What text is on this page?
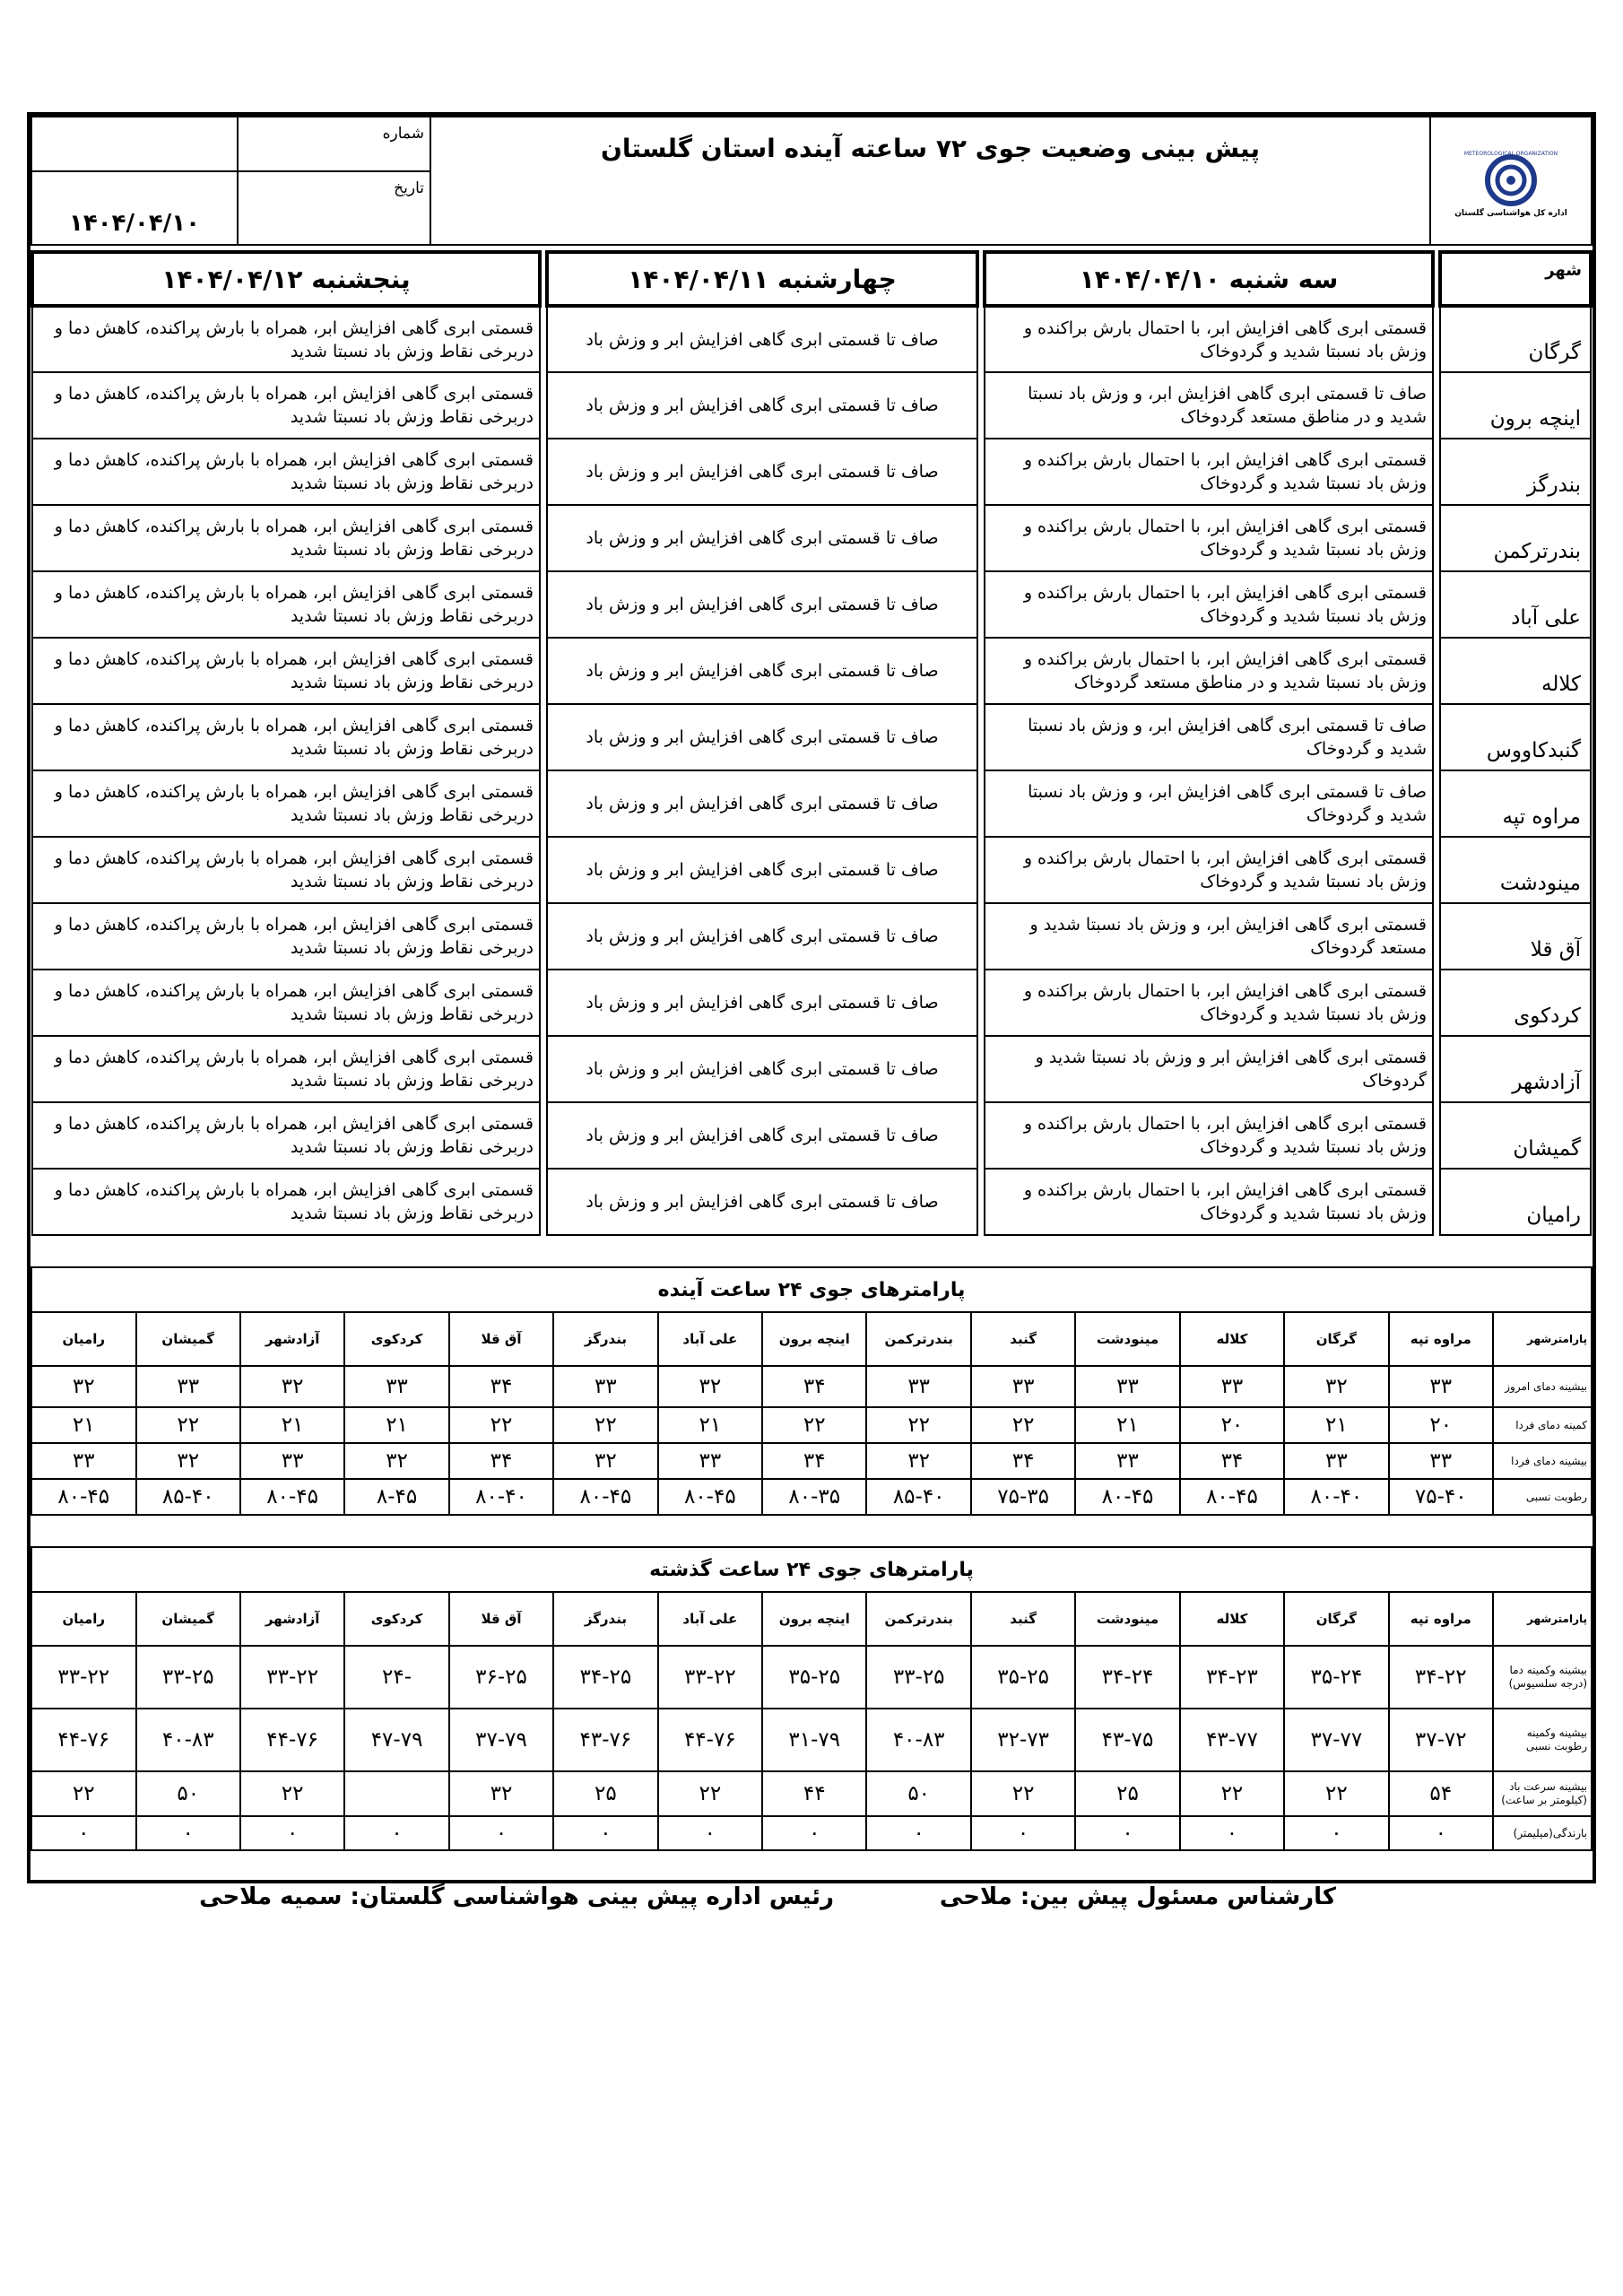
METEOROLOGICAL ORGANIZATION
اداره کل هواشناسی گلستان	پیش بینی وضعیت جوی ۷۲ ساعته آینده استان گلستان	شماره	
		تاریخ	۱۴۰۴/۰۴/۱۰
شهر		سه شنبه ۱۴۰۴/۰۴/۱۰		چهارشنبه ۱۴۰۴/۰۴/۱۱		پنجشنبه ۱۴۰۴/۰۴/۱۲
گرگان		قسمتی ابری گاهی افزایش ابر، با احتمال بارش براکنده و وزش باد نسبتا شدید و گردوخاک		صاف تا قسمتی ابری گاهی افزایش ابر و وزش باد		قسمتی ابری گاهی افزایش ابر، همراه با بارش پراکنده، کاهش دما و دربرخی نقاط وزش باد نسبتا شدید
اینچه برون		صاف تا قسمتی ابری گاهی افزایش ابر، و وزش باد نسبتا شدید و در مناطق مستعد گردوخاک		صاف تا قسمتی ابری گاهی افزایش ابر و وزش باد		قسمتی ابری گاهی افزایش ابر، همراه با بارش پراکنده، کاهش دما و دربرخی نقاط وزش باد نسبتا شدید
بندرگز		قسمتی ابری گاهی افزایش ابر، با احتمال بارش براکنده و وزش باد نسبتا شدید و گردوخاک		صاف تا قسمتی ابری گاهی افزایش ابر و وزش باد		قسمتی ابری گاهی افزایش ابر، همراه با بارش پراکنده، کاهش دما و دربرخی نقاط وزش باد نسبتا شدید
بندرترکمن		قسمتی ابری گاهی افزایش ابر، با احتمال بارش براکنده و وزش باد نسبتا شدید و گردوخاک		صاف تا قسمتی ابری گاهی افزایش ابر و وزش باد		قسمتی ابری گاهی افزایش ابر، همراه با بارش پراکنده، کاهش دما و دربرخی نقاط وزش باد نسبتا شدید
علی آباد		قسمتی ابری گاهی افزایش ابر، با احتمال بارش براکنده و وزش باد نسبتا شدید و گردوخاک		صاف تا قسمتی ابری گاهی افزایش ابر و وزش باد		قسمتی ابری گاهی افزایش ابر، همراه با بارش پراکنده، کاهش دما و دربرخی نقاط وزش باد نسبتا شدید
کلاله		قسمتی ابری گاهی افزایش ابر، با احتمال بارش براکنده و وزش باد نسبتا شدید و در مناطق مستعد گردوخاک		صاف تا قسمتی ابری گاهی افزایش ابر و وزش باد		قسمتی ابری گاهی افزایش ابر، همراه با بارش پراکنده، کاهش دما و دربرخی نقاط وزش باد نسبتا شدید
گنبدکاووس		صاف تا قسمتی ابری گاهی افزایش ابر، و وزش باد نسبتا شدید و گردوخاک		صاف تا قسمتی ابری گاهی افزایش ابر و وزش باد		قسمتی ابری گاهی افزایش ابر، همراه با بارش پراکنده، کاهش دما و دربرخی نقاط وزش باد نسبتا شدید
مراوه تپه		صاف تا قسمتی ابری گاهی افزایش ابر، و وزش باد نسبتا شدید و گردوخاک		صاف تا قسمتی ابری گاهی افزایش ابر و وزش باد		قسمتی ابری گاهی افزایش ابر، همراه با بارش پراکنده، کاهش دما و دربرخی نقاط وزش باد نسبتا شدید
مینودشت		قسمتی ابری گاهی افزایش ابر، با احتمال بارش براکنده و وزش باد نسبتا شدید و گردوخاک		صاف تا قسمتی ابری گاهی افزایش ابر و وزش باد		قسمتی ابری گاهی افزایش ابر، همراه با بارش پراکنده، کاهش دما و دربرخی نقاط وزش باد نسبتا شدید
آق قلا		قسمتی ابری گاهی افزایش ابر، و وزش باد نسبتا شدید و مستعد گردوخاک		صاف تا قسمتی ابری گاهی افزایش ابر و وزش باد		قسمتی ابری گاهی افزایش ابر، همراه با بارش پراکنده، کاهش دما و دربرخی نقاط وزش باد نسبتا شدید
کردکوی		قسمتی ابری گاهی افزایش ابر، با احتمال بارش براکنده و وزش باد نسبتا شدید و گردوخاک		صاف تا قسمتی ابری گاهی افزایش ابر و وزش باد		قسمتی ابری گاهی افزایش ابر، همراه با بارش پراکنده، کاهش دما و دربرخی نقاط وزش باد نسبتا شدید
آزادشهر		قسمتی ابری گاهی افزایش ابر و وزش باد نسبتا شدید و گردوخاک		صاف تا قسمتی ابری گاهی افزایش ابر و وزش باد		قسمتی ابری گاهی افزایش ابر، همراه با بارش پراکنده، کاهش دما و دربرخی نقاط وزش باد نسبتا شدید
گمیشان		قسمتی ابری گاهی افزایش ابر، با احتمال بارش براکنده و وزش باد نسبتا شدید و گردوخاک		صاف تا قسمتی ابری گاهی افزایش ابر و وزش باد		قسمتی ابری گاهی افزایش ابر، همراه با بارش پراکنده، کاهش دما و دربرخی نقاط وزش باد نسبتا شدید
رامیان		قسمتی ابری گاهی افزایش ابر، با احتمال بارش براکنده و وزش باد نسبتا شدید و گردوخاک		صاف تا قسمتی ابری گاهی افزایش ابر و وزش باد		قسمتی ابری گاهی افزایش ابر، همراه با بارش پراکنده، کاهش دما و دربرخی نقاط وزش باد نسبتا شدید
پارامترهای جوی ۲۴ ساعت آینده														
پارامترشهر	مراوه تپه	گرگان	کلاله	مینودشت	گنبد	بندرترکمن	اینچه برون	علی آباد	بندرگز	آق قلا	کردکوی	آزادشهر	گمیشان	رامیان
بیشینه دمای امروز	۳۳	۳۲	۳۳	۳۳	۳۳	۳۳	۳۴	۳۲	۳۳	۳۴	۳۳	۳۲	۳۳	۳۲
کمینه دمای فردا	۲۰	۲۱	۲۰	۲۱	۲۲	۲۲	۲۲	۲۱	۲۲	۲۲	۲۱	۲۱	۲۲	۲۱
بیشینه دمای فردا	۳۳	۳۳	۳۴	۳۳	۳۴	۳۲	۳۴	۳۳	۳۲	۳۴	۳۲	۳۳	۳۲	۳۳
رطوبت نسبی	۷۵-۴۰	۸۰-۴۰	۸۰-۴۵	۸۰-۴۵	۷۵-۳۵	۸۵-۴۰	۸۰-۳۵	۸۰-۴۵	۸۰-۴۵	۸۰-۴۰	۸-۴۵	۸۰-۴۵	۸۵-۴۰	۸۰-۴۵
پارامترهای جوی ۲۴ ساعت گذشته														
پارامترشهر	مراوه تپه	گرگان	کلاله	مینودشت	گنبد	بندرترکمن	اینچه برون	علی آباد	بندرگز	آق قلا	کردکوی	آزادشهر	گمیشان	رامیان
بیشینه وکمینه دما (درجه سلسیوس)	۳۴-۲۲	۳۵-۲۴	۳۴-۲۳	۳۴-۲۴	۳۵-۲۵	۳۳-۲۵	۳۵-۲۵	۳۳-۲۲	۳۴-۲۵	۳۶-۲۵	-۲۴	۳۳-۲۲	۳۳-۲۵	۳۳-۲۲
بیشینه وکمینه رطوبت نسبی	۳۷-۷۲	۳۷-۷۷	۴۳-۷۷	۴۳-۷۵	۳۲-۷۳	۴۰-۸۳	۳۱-۷۹	۴۴-۷۶	۴۳-۷۶	۳۷-۷۹	۴۷-۷۹	۴۴-۷۶	۴۰-۸۳	۴۴-۷۶
بیشینه سرعت باد (کیلومتر بر ساعت)	۵۴	۲۲	۲۲	۲۵	۲۲	۵۰	۴۴	۲۲	۲۵	۳۲		۲۲	۵۰	۲۲
بارندگی(میلیمتر)	۰	۰	۰	۰	۰	۰	۰	۰	۰	۰	۰	۰	۰	۰
کارشناس مسئول پیش بین: ملاحی
رئیس اداره پیش بینی هواشناسی گلستان: سمیه ملاحی
